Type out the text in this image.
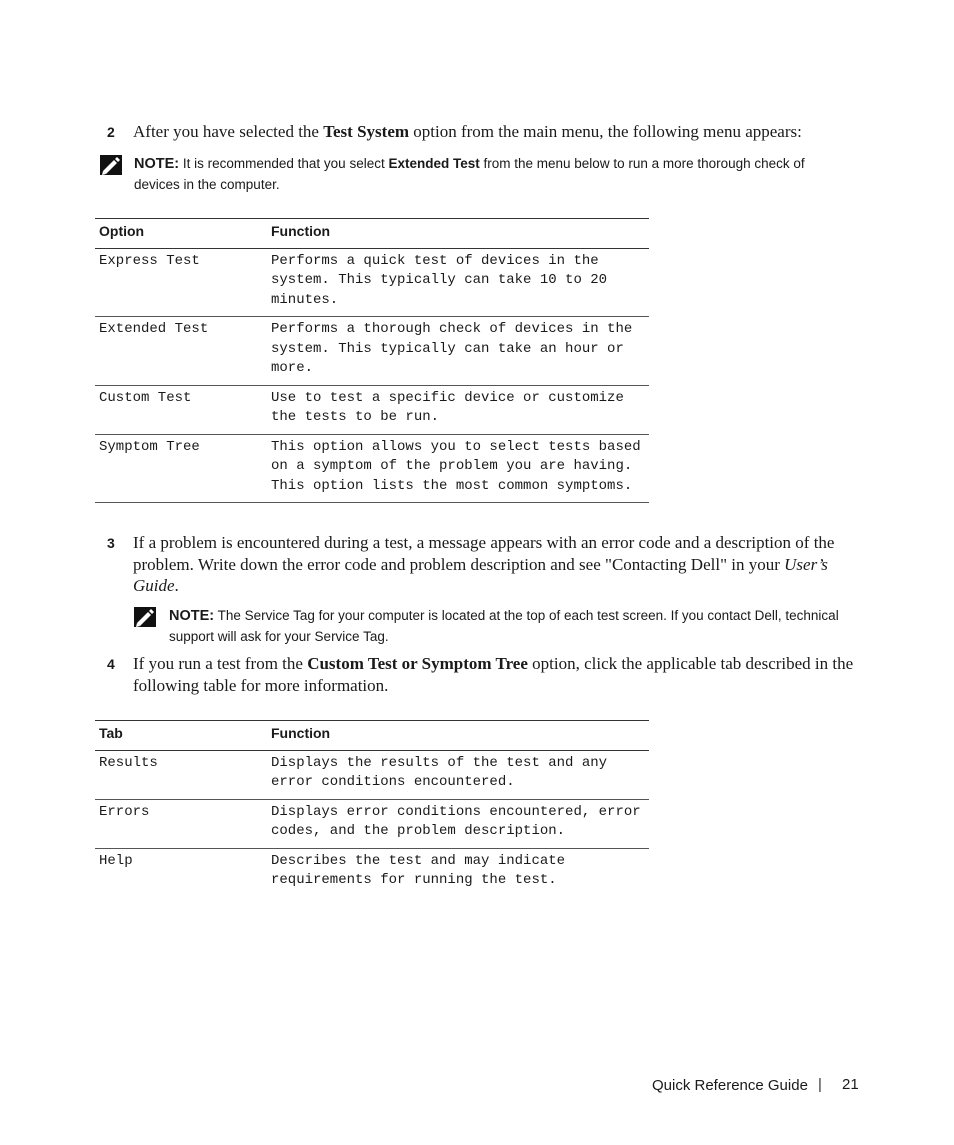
2 After you have selected the Test System option from the main menu, the following menu appears:
NOTE: It is recommended that you select Extended Test from the menu below to run a more thorough check of devices in the computer.
Option	Function
Express Test	Performs a quick test of devices in the system. This typically can take 10 to 20 minutes.
Extended Test	Performs a thorough check of devices in the system. This typically can take an hour or more.
Custom Test	Use to test a specific device or customize the tests to be run.
Symptom Tree	This option allows you to select tests based on a symptom of the problem you are having. This option lists the most common symptoms.
3 If a problem is encountered during a test, a message appears with an error code and a description of the problem. Write down the error code and problem description and see "Contacting Dell" in your User’s Guide.
NOTE: The Service Tag for your computer is located at the top of each test screen. If you contact Dell, technical support will ask for your Service Tag.
4 If you run a test from the Custom Test or Symptom Tree option, click the applicable tab described in the following table for more information.
Tab	Function
Results	Displays the results of the test and any error conditions encountered.
Errors	Displays error conditions encountered, error codes, and the problem description.
Help	Describes the test and may indicate requirements for running the test.
Quick Reference Guide | 21
